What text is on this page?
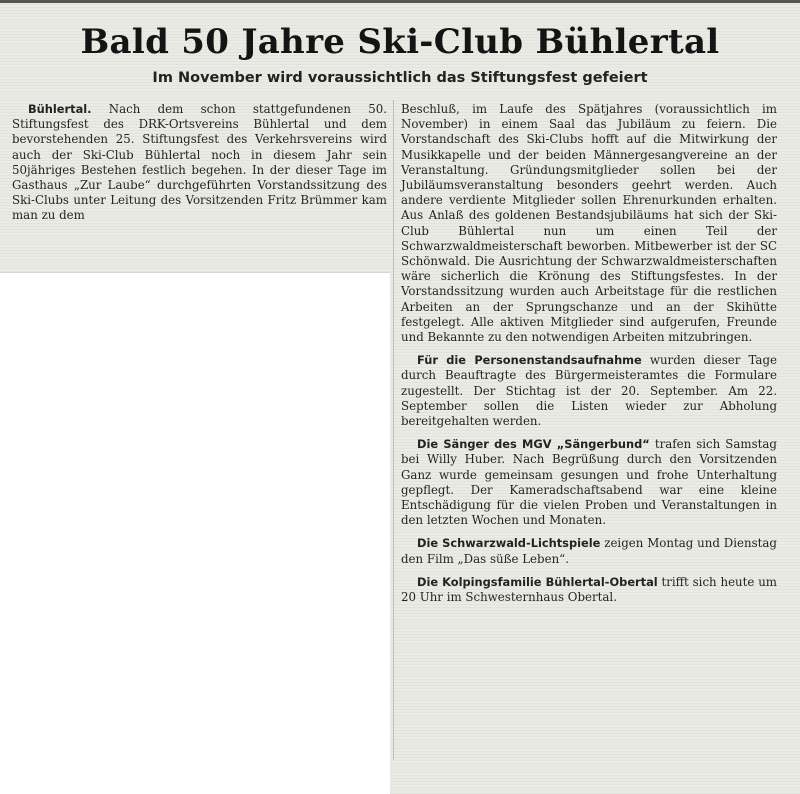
Bald 50 Jahre Ski-Club Bühlertal
Im November wird voraussichtlich das Stiftungsfest gefeiert

Bühlertal. Nach dem schon stattgefundenen 50. Stiftungsfest des DRK-Ortsvereins Bühlertal und dem bevorstehenden 25. Stiftungsfest des Verkehrsvereins wird auch der Ski-Club Bühlertal noch in diesem Jahr sein 50jähriges Bestehen festlich begehen. In der dieser Tage im Gasthaus „Zur Laube“ durchgeführten Vorstandssitzung des Ski-Clubs unter Leitung des Vorsitzenden Fritz Brümmer kam man zu dem

Beschluß, im Laufe des Spätjahres (voraussichtlich im November) in einem Saal das Jubiläum zu feiern. Die Vorstandschaft des Ski-Clubs hofft auf die Mitwirkung der Musikkapelle und der beiden Männergesangvereine an der Veranstaltung. Gründungsmitglieder sollen bei der Jubiläumsveranstaltung besonders geehrt werden. Auch andere verdiente Mitglieder sollen Ehrenurkunden erhalten. Aus Anlaß des goldenen Bestandsjubiläums hat sich der Ski-Club Bühlertal nun um einen Teil der Schwarzwaldmeisterschaft beworben. Mitbewerber ist der SC Schönwald. Die Ausrichtung der Schwarzwaldmeisterschaften wäre sicherlich die Krönung des Stiftungsfestes. In der Vorstandssitzung wurden auch Arbeitstage für die restlichen Arbeiten an der Sprungschanze und an der Skihütte festgelegt. Alle aktiven Mitglieder sind aufgerufen, Freunde und Bekannte zu den notwendigen Arbeiten mitzubringen.

Für die Personenstandsaufnahme wurden dieser Tage durch Beauftragte des Bürgermeisteramtes die Formulare zugestellt. Der Stichtag ist der 20. September. Am 22. September sollen die Listen wieder zur Abholung bereitgehalten werden.

Die Sänger des MGV „Sängerbund“ trafen sich Samstag bei Willy Huber. Nach Begrüßung durch den Vorsitzenden Ganz wurde gemeinsam gesungen und frohe Unterhaltung gepflegt. Der Kameradschaftsabend war eine kleine Entschädigung für die vielen Proben und Veranstaltungen in den letzten Wochen und Monaten.

Die Schwarzwald-Lichtspiele zeigen Montag und Dienstag den Film „Das süße Leben“.

Die Kolpingsfamilie Bühlertal-Obertal trifft sich heute um 20 Uhr im Schwesternhaus Obertal.
